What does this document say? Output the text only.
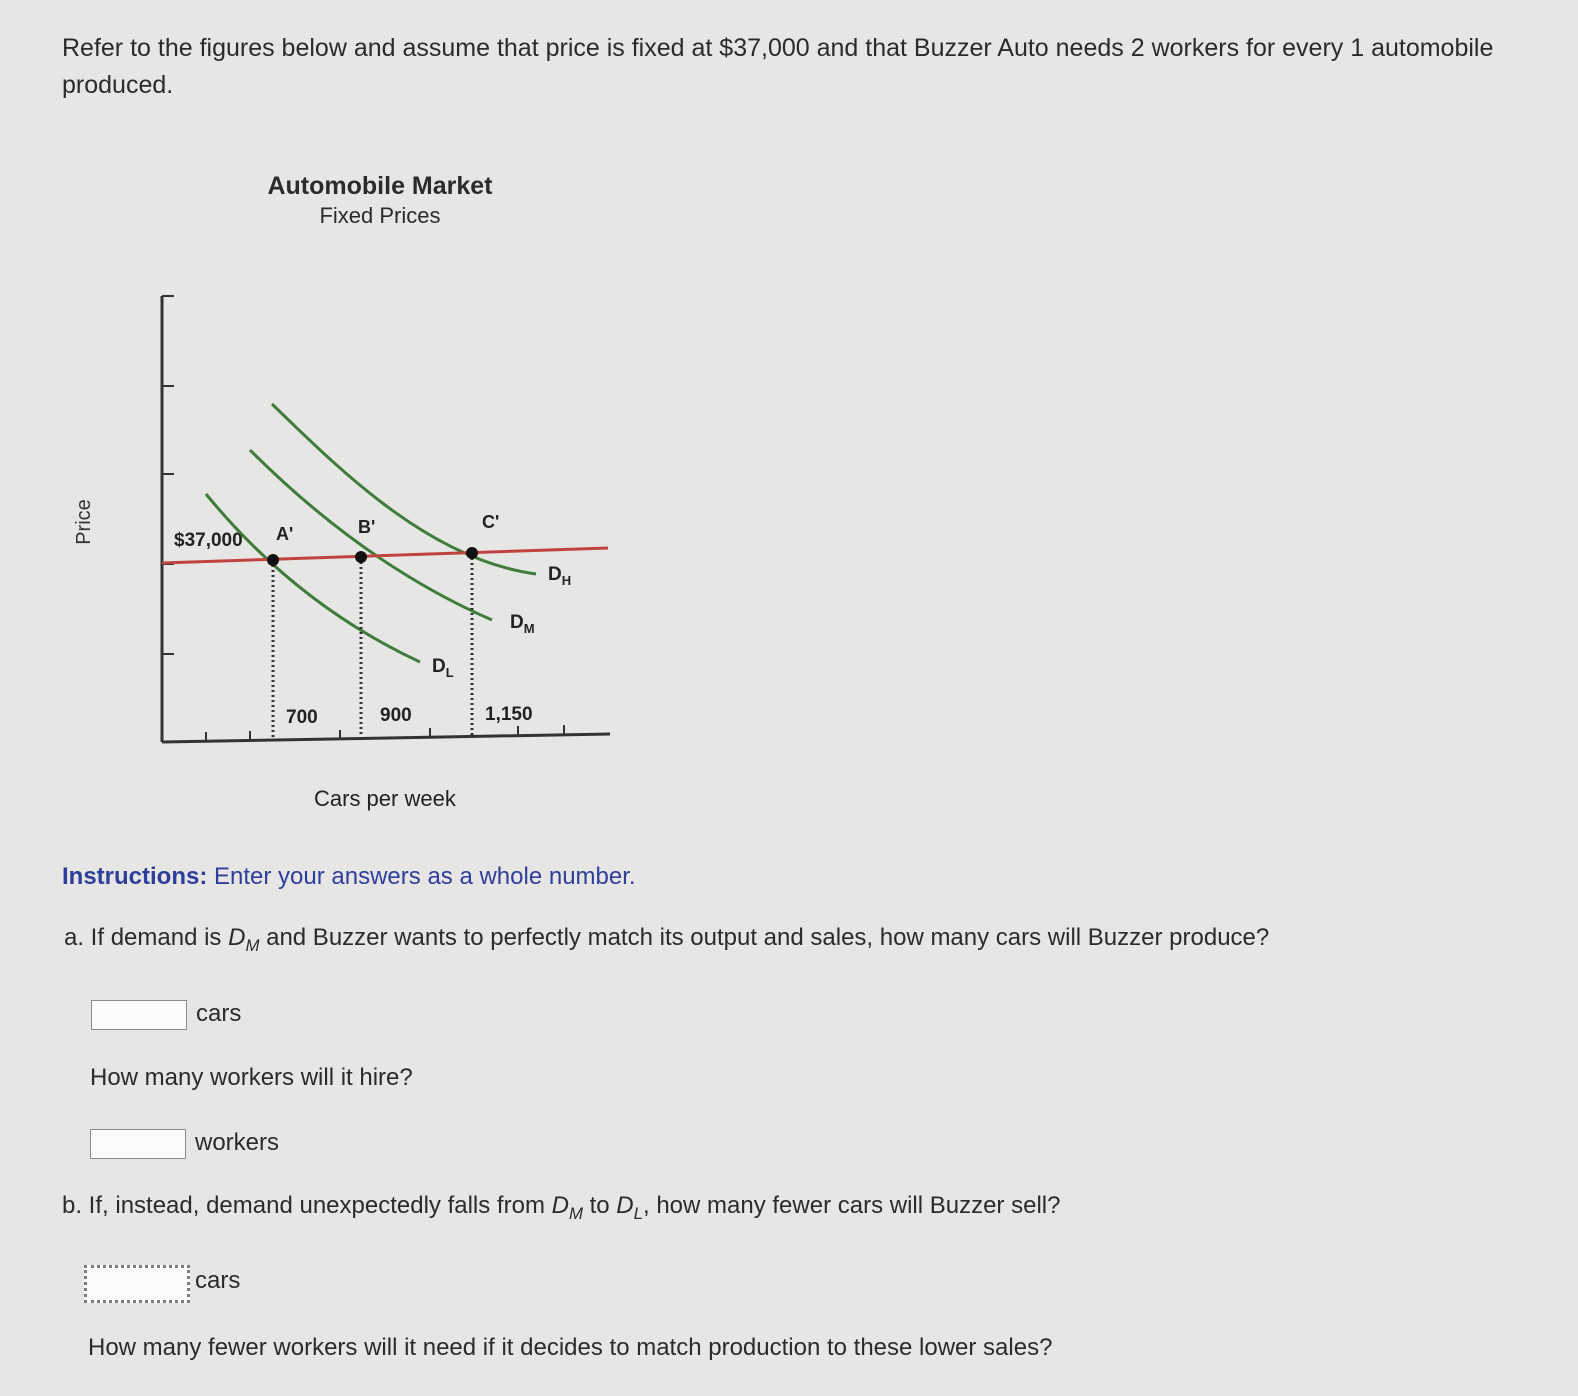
Refer to the figures below and assume that price is fixed at $37,000 and that Buzzer Auto needs 2 workers for every 1 automobile produced.
Automobile Market
Fixed Prices
Price	$37,000 A'	B'	C'
$D_L$
$D_M$
$D_H$
700	900	1,150
Cars per week
Instructions: Enter your answers as a whole number.
a. If demand is $D_M$ and Buzzer wants to perfectly match its output and sales, how many cars will Buzzer produce?
cars
How many workers will it hire?
workers
b. If, instead, demand unexpectedly falls from $D_M$ to $D_L$, how many fewer cars will Buzzer sell?
cars
How many fewer workers will it need if it decides to match production to these lower sales?
